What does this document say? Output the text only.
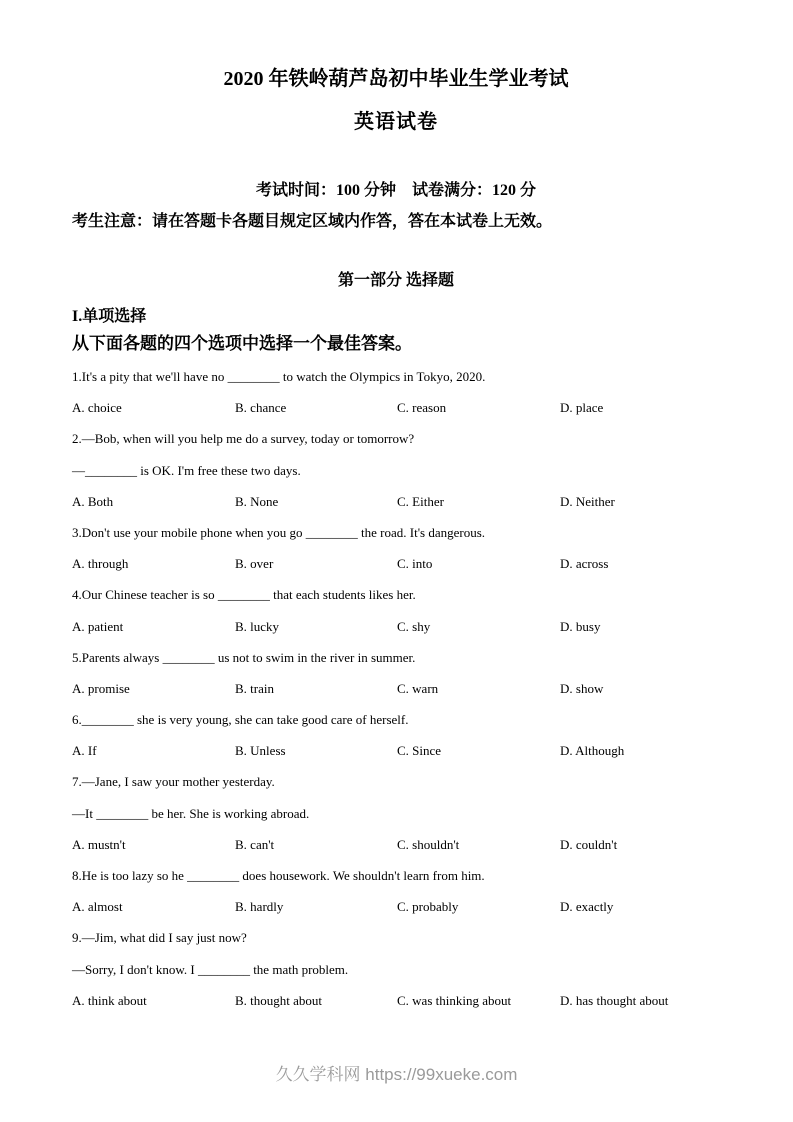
2020 年铁岭葫芦岛初中毕业生学业考试
英语试卷
考试时间：100 分钟　试卷满分：120 分
考生注意：请在答题卡各题目规定区域内作答，答在本试卷上无效。
第一部分 选择题
I.单项选择
从下面各题的四个选项中选择一个最佳答案。
1.It's a pity that we'll have no ________ to watch the Olympics in Tokyo, 2020.
A. choice	B. chance	C. reason	D. place
2.—Bob, when will you help me do a survey, today or tomorrow?
—________ is OK. I'm free these two days.
A. Both	B. None	C. Either	D. Neither
3.Don't use your mobile phone when you go ________ the road. It's dangerous.
A. through	B. over	C. into	D. across
4.Our Chinese teacher is so ________ that each students likes her.
A. patient	B. lucky	C. shy	D. busy
5.Parents always ________ us not to swim in the river in summer.
A. promise	B. train	C. warn	D. show
6.________ she is very young, she can take good care of herself.
A. If	B. Unless	C. Since	D. Although
7.—Jane, I saw your mother yesterday.
—It ________ be her. She is working abroad.
A. mustn't	B. can't	C. shouldn't	D. couldn't
8.He is too lazy so he ________ does housework. We shouldn't learn from him.
A. almost	B. hardly	C. probably	D. exactly
9.—Jim, what did I say just now?
—Sorry, I don't know. I ________ the math problem.
A. think about	B. thought about	C. was thinking about	D. has thought about
久久学科网 https://99xueke.com
